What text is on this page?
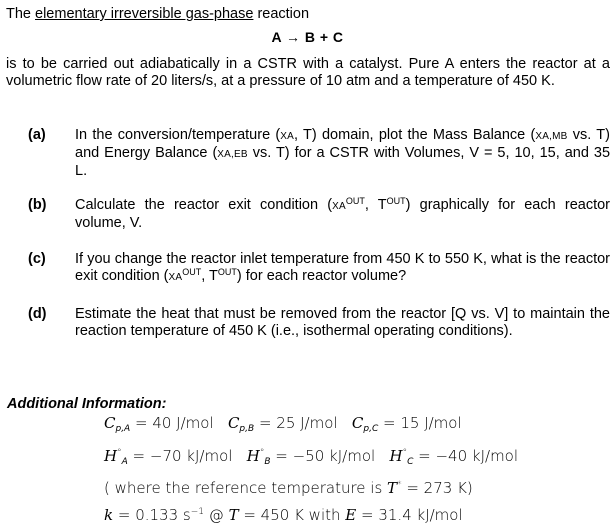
The elementary irreversible gas-phase reaction
A → B + C
is to be carried out adiabatically in a CSTR with a catalyst. Pure A enters the reactor at a volumetric flow rate of 20 liters/s, at a pressure of 10 atm and a temperature of 450 K.
(a) In the conversion/temperature (XA, T) domain, plot the Mass Balance (XA,MB vs. T) and Energy Balance (XA,EB vs. T) for a CSTR with Volumes, V = 5, 10, 15, and 35 L.
(b) Calculate the reactor exit condition ($XA^{OUT}$, $T^{OUT}$) graphically for each reactor volume, V.
(c) If you change the reactor inlet temperature from 450 K to 550 K, what is the reactor exit condition ($XA^{OUT}$, $T^{OUT}$) for each reactor volume?
(d) Estimate the heat that must be removed from the reactor [Q vs. V] to maintain the reaction temperature of 450 K (i.e., isothermal operating conditions).
Additional Information:
$C_{p,A} = 40$ J/mol $C_{p,B} = 25$ J/mol $C_{p,C} = 15$ J/mol
$H^\circ_A = -70$ kJ/mol $H^\circ_B = -50$ kJ/mol $H^\circ_C = -40$ kJ/mol
( where the reference temperature is T* = 273 K)
k = 0.133 $s^{-1}$ @ T = 450 K with E = 31.4 kJ/mol
